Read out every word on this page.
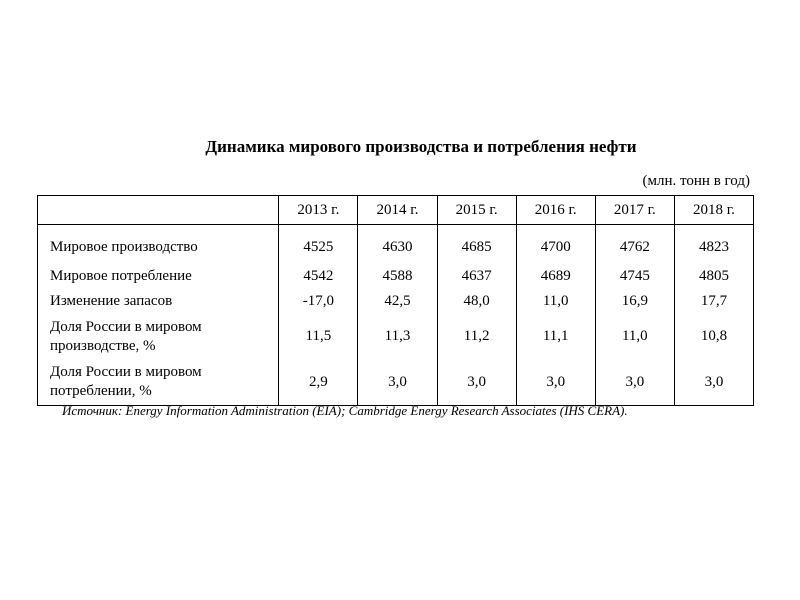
Динамика мирового производства и потребления нефти
(млн. тонн в год)
	2013 г.	2014 г.	2015 г.	2016 г.	2017 г.	2018 г.
Мировое производство	4525	4630	4685	4700	4762	4823
Мировое потребление	4542	4588	4637	4689	4745	4805
Изменение запасов	-17,0	42,5	48,0	11,0	16,9	17,7
Доля России в мировом производстве, %	11,5	11,3	11,2	11,1	11,0	10,8
Доля России в мировом потреблении, %	2,9	3,0	3,0	3,0	3,0	3,0
Источник: Energy Information Administration (EIA); Cambridge Energy Research Associates (IHS CERA).
